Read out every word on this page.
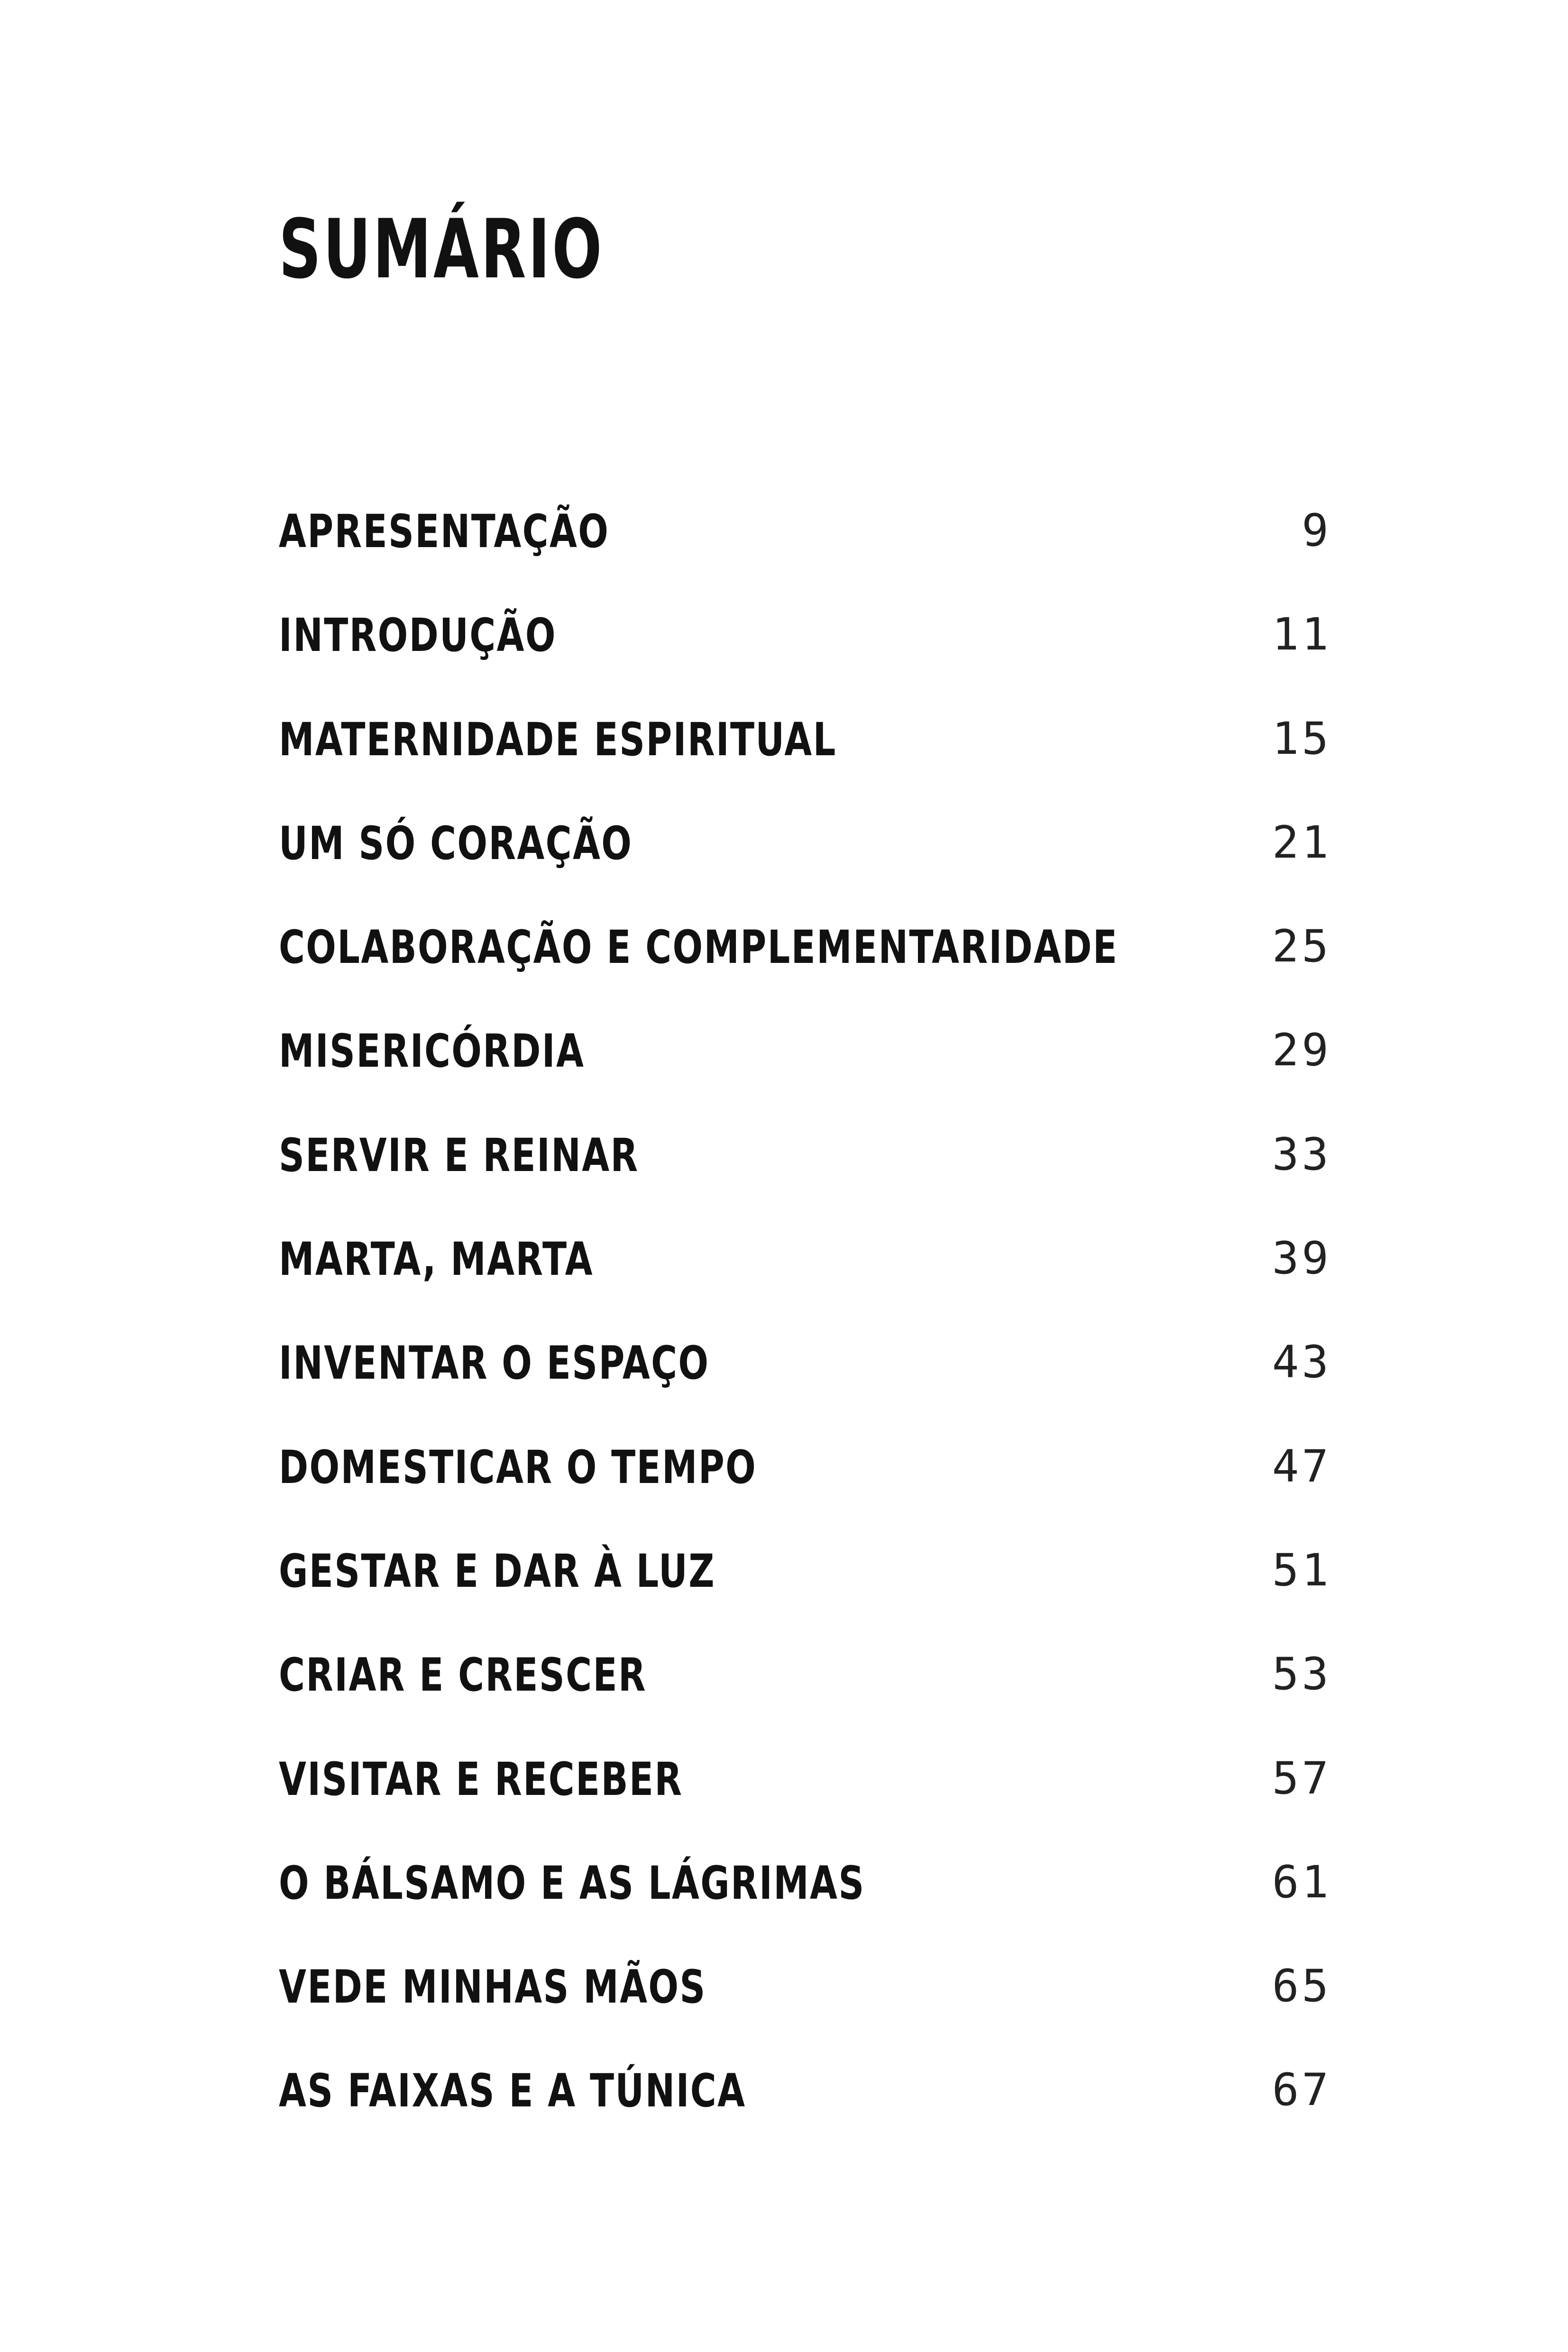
SUMÁRIO
APRESENTAÇÃO	9
INTRODUÇÃO	11
MATERNIDADE ESPIRITUAL	15
UM SÓ CORAÇÃO	21
COLABORAÇÃO E COMPLEMENTARIDADE	25
MISERICÓRDIA	29
SERVIR E REINAR	33
MARTA, MARTA	39
INVENTAR O ESPAÇO	43
DOMESTICAR O TEMPO	47
GESTAR E DAR À LUZ	51
CRIAR E CRESCER	53
VISITAR E RECEBER	57
O BÁLSAMO E AS LÁGRIMAS	61
VEDE MINHAS MÃOS	65
AS FAIXAS E A TÚNICA	67
